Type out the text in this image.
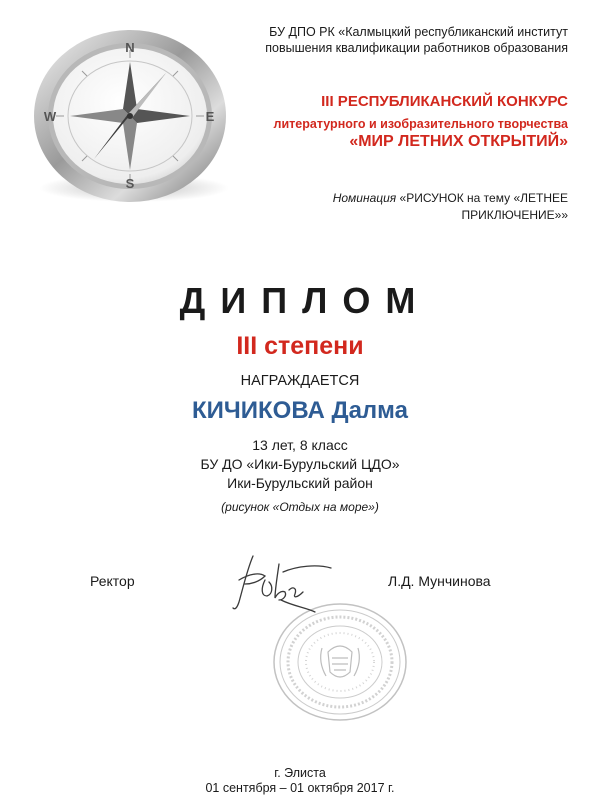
N
S
W	E
БУ ДПО РК «Калмыцкий республиканский институт
повышения квалификации работников образования
III РЕСПУБЛИКАНСКИЙ КОНКУРС
литературного и изобразительного творчества
«МИР ЛЕТНИХ ОТКРЫТИЙ»
Номинация «РИСУНОК на тему «ЛЕТНЕЕ ПРИКЛЮЧЕНИЕ»»
ДИПЛОМ
III степени
НАГРАЖДАЕТСЯ
КИЧИКОВА Далма
13 лет, 8 класс
БУ ДО «Ики-Бурульский ЦДО»
Ики-Бурульский район
(рисунок «Отдых на море»)
Ректор	Л.Д. Мунчинова
г. Элиста
01 сентября – 01 октября 2017 г.
